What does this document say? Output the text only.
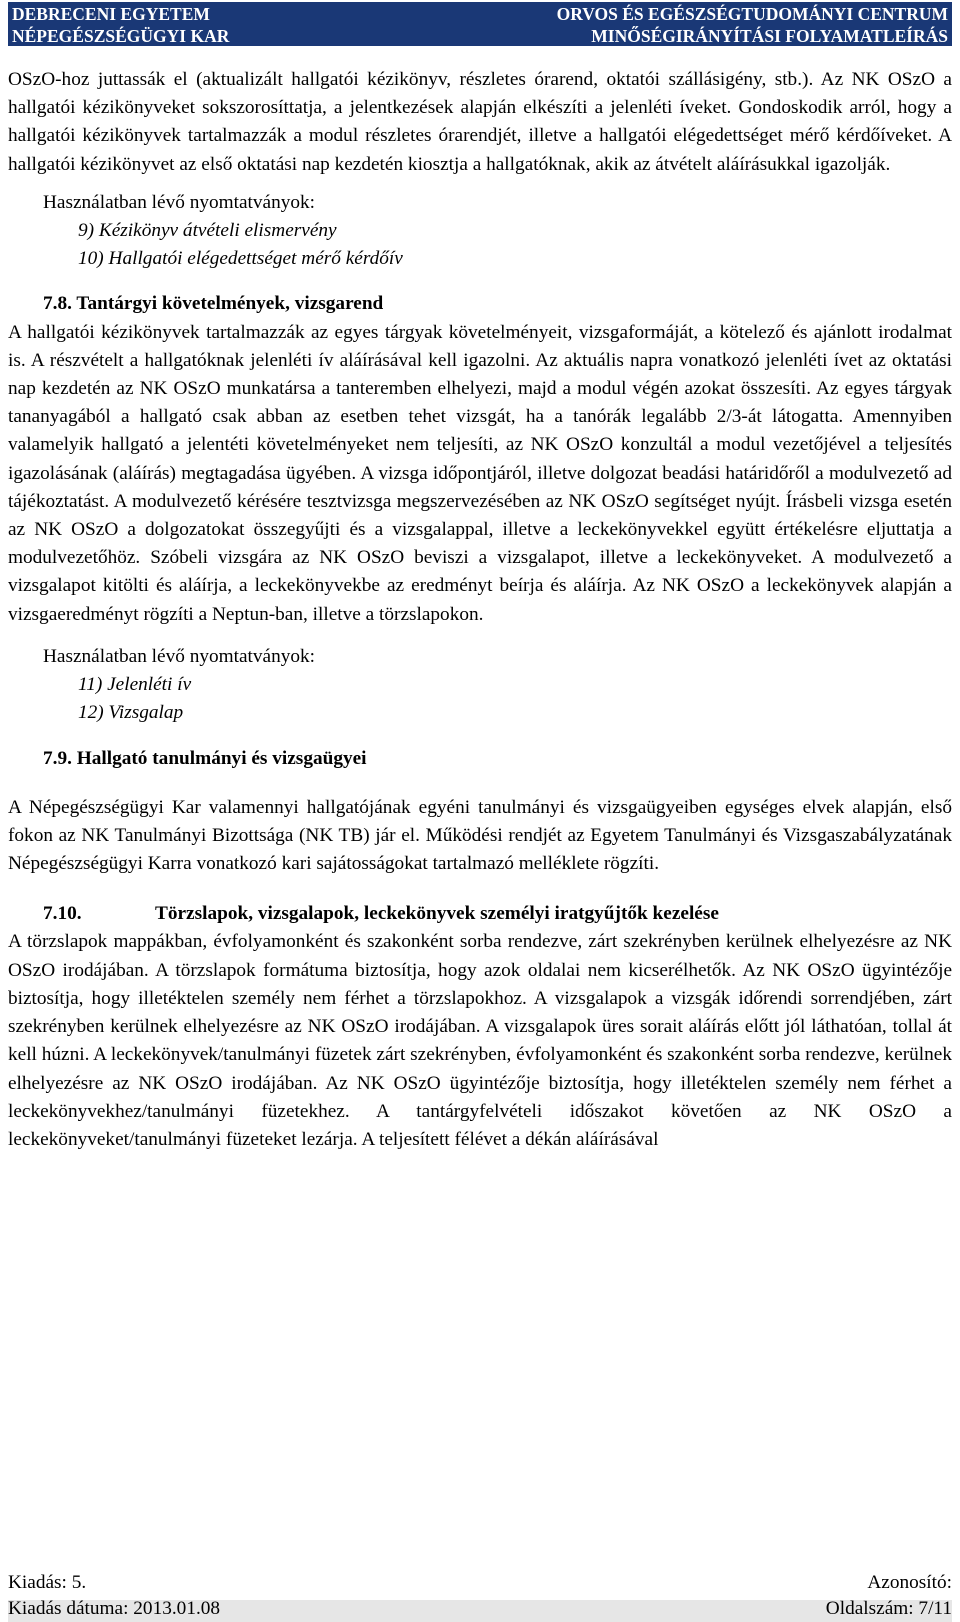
DEBRECENI EGYETEM	ORVOS ÉS EGÉSZSÉGTUDOMÁNYI CENTRUM
NÉPEGÉSZSÉGÜGYI KAR	MINŐSÉGIRÁNYÍTÁSI FOLYAMATLEÍRÁS

OSzO-hoz juttassák el (aktualizált hallgatói kézikönyv, részletes órarend, oktatói szállásigény, stb.). Az NK OSzO a hallgatói kézikönyveket sokszorosíttatja, a jelentkezések alapján elkészíti a jelenléti íveket. Gondoskodik arról, hogy a hallgatói kézikönyvek tartalmazzák a modul részletes órarendjét, illetve a hallgatói elégedettséget mérő kérdőíveket. A hallgatói kézikönyvet az első oktatási nap kezdetén kiosztja a hallgatóknak, akik az átvételt aláírásukkal igazolják.

Használatban lévő nyomtatványok:
9) Kézikönyv átvételi elismervény
10) Hallgatói elégedettséget mérő kérdőív
7.8. Tantárgyi követelmények, vizsgarend

A hallgatói kézikönyvek tartalmazzák az egyes tárgyak követelményeit, vizsgaformáját, a kötelező és ajánlott irodalmat is. A részvételt a hallgatóknak jelenléti ív aláírásával kell igazolni. Az aktuális napra vonatkozó jelenléti ívet az oktatási nap kezdetén az NK OSzO munkatársa a tanteremben elhelyezi, majd a modul végén azokat összesíti. Az egyes tárgyak tananyagából a hallgató csak abban az esetben tehet vizsgát, ha a tanórák legalább 2/3-át látogatta. Amennyiben valamelyik hallgató a jelentéti követelményeket nem teljesíti, az NK OSzO konzultál a modul vezetőjével a teljesítés igazolásának (aláírás) megtagadása ügyében. A vizsga időpontjáról, illetve dolgozat beadási határidőről a modulvezető ad tájékoztatást. A modulvezető kérésére tesztvizsga megszervezésében az NK OSzO segítséget nyújt. Írásbeli vizsga esetén az NK OSzO a dolgozatokat összegyűjti és a vizsgalappal, illetve a leckekönyvekkel együtt értékelésre eljuttatja a modulvezetőhöz. Szóbeli vizsgára az NK OSzO beviszi a vizsgalapot, illetve a leckekönyveket. A modulvezető a vizsgalapot kitölti és aláírja, a leckekönyvekbe az eredményt beírja és aláírja. Az NK OSzO a leckekönyvek alapján a vizsgaeredményt rögzíti a Neptun-ban, illetve a törzslapokon.

Használatban lévő nyomtatványok:
11) Jelenléti ív
12) Vizsgalap
7.9. Hallgató tanulmányi és vizsgaügyei

A Népegészségügyi Kar valamennyi hallgatójának egyéni tanulmányi és vizsgaügyeiben egységes elvek alapján, első fokon az NK Tanulmányi Bizottsága (NK TB) jár el. Működési rendjét az Egyetem Tanulmányi és Vizsgaszabályzatának Népegészségügyi Karra vonatkozó kari sajátosságokat tartalmazó melléklete rögzíti.

7.10.	Törzslapok, vizsgalapok, leckekönyvek személyi iratgyűjtők kezelése

A törzslapok mappákban, évfolyamonként és szakonként sorba rendezve, zárt szekrényben kerülnek elhelyezésre az NK OSzO irodájában. A törzslapok formátuma biztosítja, hogy azok oldalai nem kicserélhetők. Az NK OSzO ügyintézője biztosítja, hogy illetéktelen személy nem férhet a törzslapokhoz. A vizsgalapok a vizsgák időrendi sorrendjében, zárt szekrényben kerülnek elhelyezésre az NK OSzO irodájában. A vizsgalapok üres sorait aláírás előtt jól láthatóan, tollal át kell húzni. A leckekönyvek/tanulmányi füzetek zárt szekrényben, évfolyamonként és szakonként sorba rendezve, kerülnek elhelyezésre az NK OSzO irodájában. Az NK OSzO ügyintézője biztosítja, hogy illetéktelen személy nem férhet a leckekönyvekhez/tanulmányi füzetekhez. A tantárgyfelvételi időszakot követően az NK OSzO a leckekönyveket/tanulmányi füzeteket lezárja. A teljesített félévet a dékán aláírásával

Kiadás: 5.	Azonosító:
Kiadás dátuma: 2013.01.08	Oldalszám: 7/11
